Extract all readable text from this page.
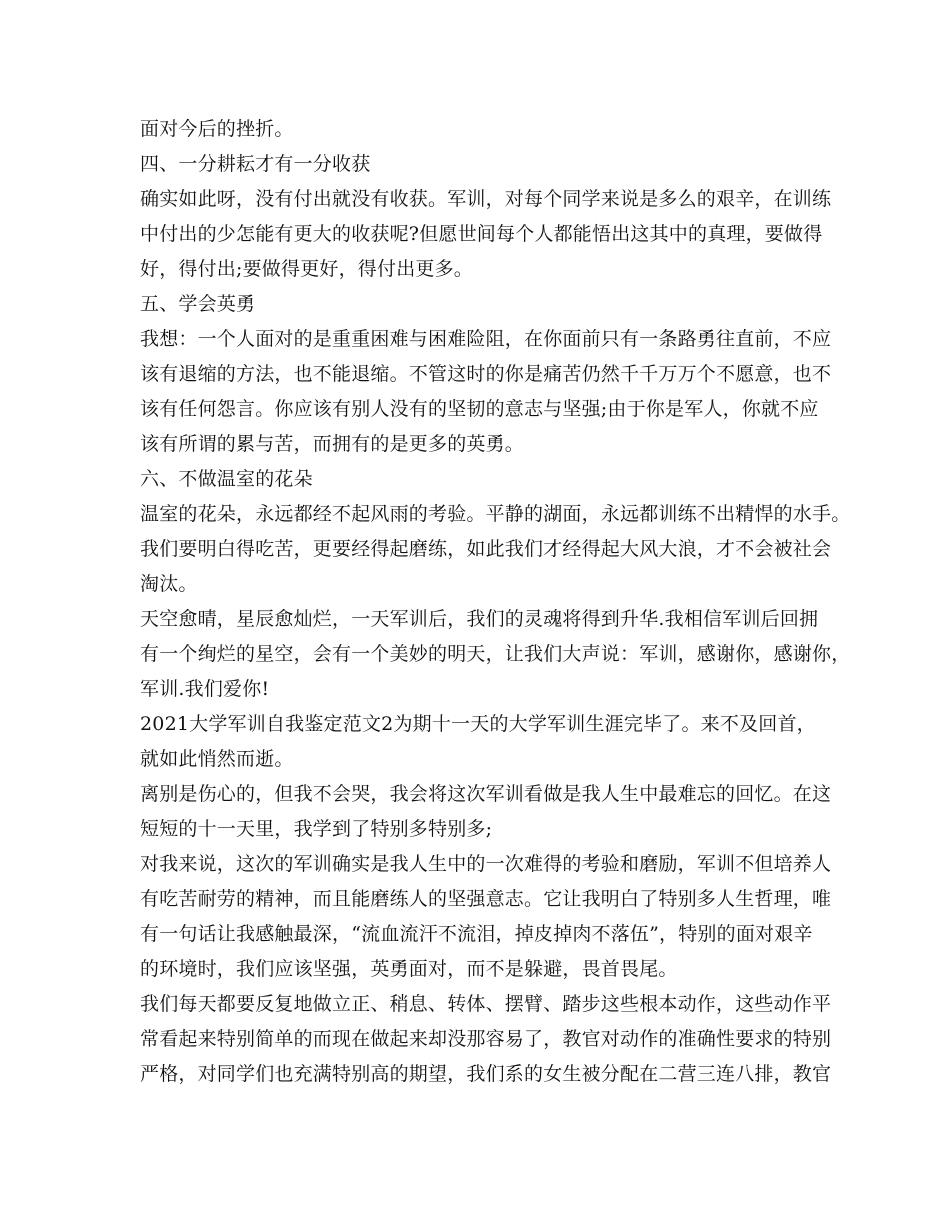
面对今后的挫折。
四、一分耕耘才有一分收获
确实如此呀，没有付出就没有收获。军训，对每个同学来说是多么的艰辛，在训练
中付出的少怎能有更大的收获呢?但愿世间每个人都能悟出这其中的真理，要做得
好，得付出;要做得更好，得付出更多。
五、学会英勇
我想：一个人面对的是重重困难与困难险阻，在你面前只有一条路勇往直前，不应
该有退缩的方法，也不能退缩。不管这时的你是痛苦仍然千千万万个不愿意，也不
该有任何怨言。你应该有别人没有的坚韧的意志与坚强;由于你是军人，你就不应
该有所谓的累与苦，而拥有的是更多的英勇。
六、不做温室的花朵
温室的花朵，永远都经不起风雨的考验。平静的湖面，永远都训练不出精悍的水手。
我们要明白得吃苦，更要经得起磨练，如此我们才经得起大风大浪，才不会被社会
淘汰。
天空愈晴，星辰愈灿烂，一天军训后，我们的灵魂将得到升华.我相信军训后回拥
有一个绚烂的星空，会有一个美妙的明天，让我们大声说：军训，感谢你，感谢你，
军训.我们爱你!
2021大学军训自我鉴定范文2为期十一天的大学军训生涯完毕了。来不及回首，
就如此悄然而逝。
离别是伤心的，但我不会哭，我会将这次军训看做是我人生中最难忘的回忆。在这
短短的十一天里，我学到了特别多特别多;
对我来说，这次的军训确实是我人生中的一次难得的考验和磨励，军训不但培养人
有吃苦耐劳的精神，而且能磨练人的坚强意志。它让我明白了特别多人生哲理，唯
有一句话让我感触最深，“流血流汗不流泪，掉皮掉肉不落伍”，特别的面对艰辛
的环境时，我们应该坚强，英勇面对，而不是躲避，畏首畏尾。
我们每天都要反复地做立正、稍息、转体、摆臂、踏步这些根本动作，这些动作平
常看起来特别简单的而现在做起来却没那容易了，教官对动作的准确性要求的特别
严格，对同学们也充满特别高的期望，我们系的女生被分配在二营三连八排，教官
